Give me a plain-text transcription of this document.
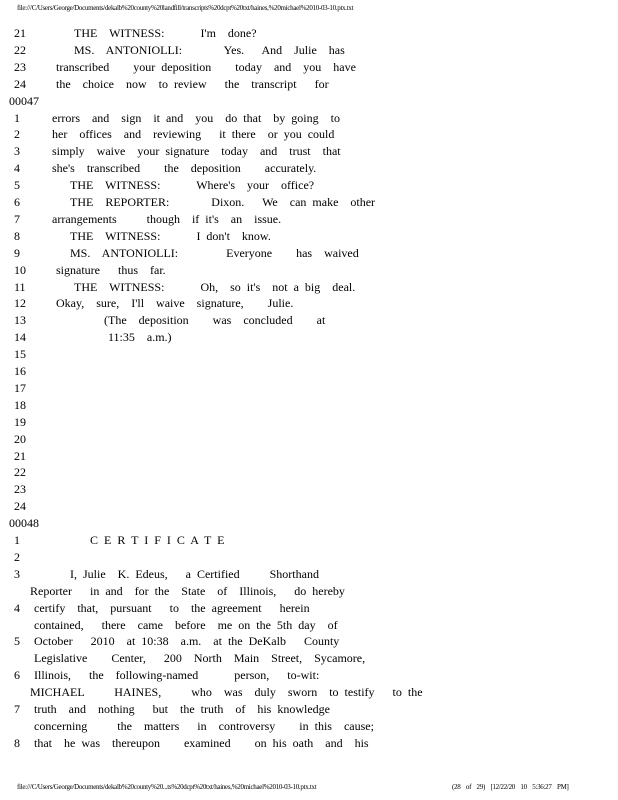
file:///C/Users/George/Documents/dekalb%20county%20landfill/transcripts%20dcpt%20txt/haines,%20michael%2010-03-10.ptx.txt
21	THE  WITNESS:      I'm  done?
22	MS.  ANTONIOLLI:       Yes.   And  Julie  has
23	transcribed    your deposition    today  and  you  have
24	the  choice  now  to review   the  transcript   for
00047
1	errors  and  sign  it and  you  do that  by going  to
2	her  offices  and  reviewing   it there  or you could
3	simply  waive  your signature  today  and  trust  that
4	she's  transcribed    the  deposition    accurately.
5	THE  WITNESS:      Where's  your  office?
6	THE  REPORTER:       Dixon.   We  can make  other
7	arrangements     though  if it's  an  issue.
8	THE  WITNESS:      I don't  know.
9	MS.  ANTONIOLLI:        Everyone    has  waived
10	signature   thus  far.
11	THE  WITNESS:      Oh,  so it's  not a big  deal.
12	Okay,  sure,  I'll  waive  signature,    Julie.
13	(The  deposition    was  concluded    at
14	11:35  a.m.)
15
16
17
18
19
20
21
22
23
24
00048
1	C E R T I F I C A T E
2
3	I, Julie  K. Edeus,   a Certified     Shorthand
Reporter   in and  for the  State  of  Illinois,   do hereby
4	certify  that,  pursuant   to  the agreement   herein
contained,   there  came  before  me on the 5th day  of
5	October   2010  at 10:38  a.m.  at the DeKalb   County
Legislative    Center,   200  North  Main  Street,  Sycamore,
6	Illinois,   the  following-named      person,   to-wit:
MICHAEL     HAINES,     who  was  duly  sworn  to testify   to the
7	truth  and  nothing   but  the truth  of  his knowledge
concerning     the  matters   in  controversy    in this  cause;
8	that  he was  thereupon    examined    on his oath  and  his
file:///C/Users/George/Documents/dekalb%20county%20...ts%20dcpt%20txt/haines,%20michael%2010-03-10.ptx.txt	(28 of 29) [12/22/20 10 5:36:27 PM]
